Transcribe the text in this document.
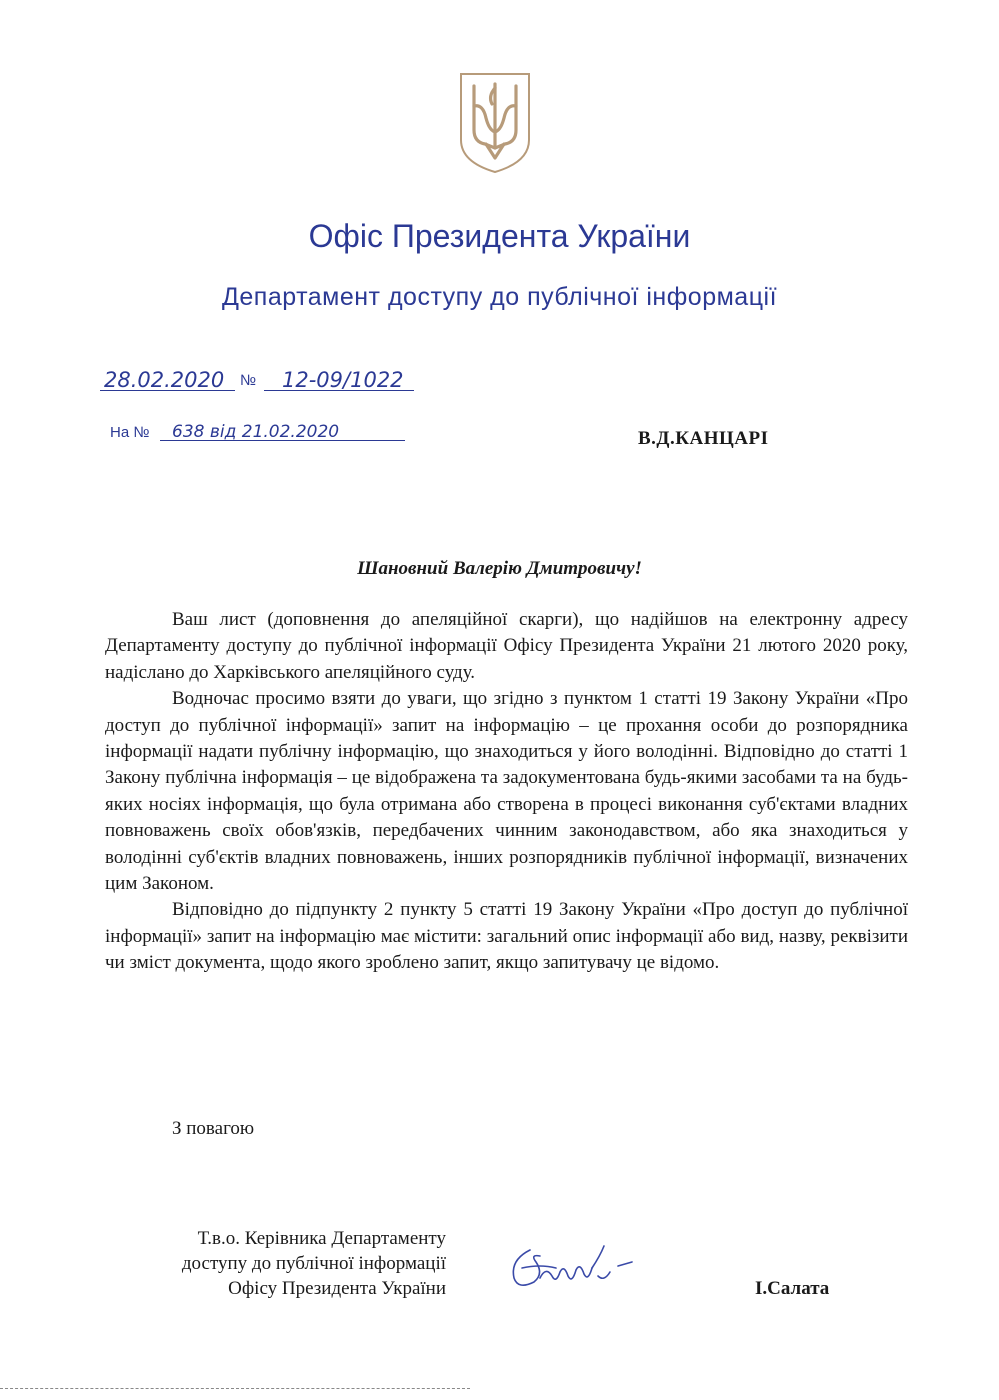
Офіс Президента України
Департамент доступу до публічної інформації
28.02.2020 № 12-09/1022
На № 638 від 21.02.2020	В.Д.КАНЦАРІ
Шановний Валерію Дмитровичу!

Ваш лист (доповнення до апеляційної скарги), що надійшов на електронну адресу Департаменту доступу до публічної інформації Офісу Президента України 21 лютого 2020 року, надіслано до Харківського апеляційного суду.

Водночас просимо взяти до уваги, що згідно з пунктом 1 статті 19 Закону України «Про доступ до публічної інформації» запит на інформацію – це прохання особи до розпорядника інформації надати публічну інформацію, що знаходиться у його володінні. Відповідно до статті 1 Закону публічна інформація – це відображена та задокументована будь-якими засобами та на будь-яких носіях інформація, що була отримана або створена в процесі виконання суб'єктами владних повноважень своїх обов'язків, передбачених чинним законодавством, або яка знаходиться у володінні суб'єктів владних повноважень, інших розпорядників публічної інформації, визначених цим Законом.

Відповідно до підпункту 2 пункту 5 статті 19 Закону України «Про доступ до публічної інформації» запит на інформацію має містити: загальний опис інформації або вид, назву, реквізити чи зміст документа, щодо якого зроблено запит, якщо запитувачу це відомо.

З повагою
Т.в.о. Керівника Департаменту
доступу до публічної інформації
Офісу Президента України	І.Салата
